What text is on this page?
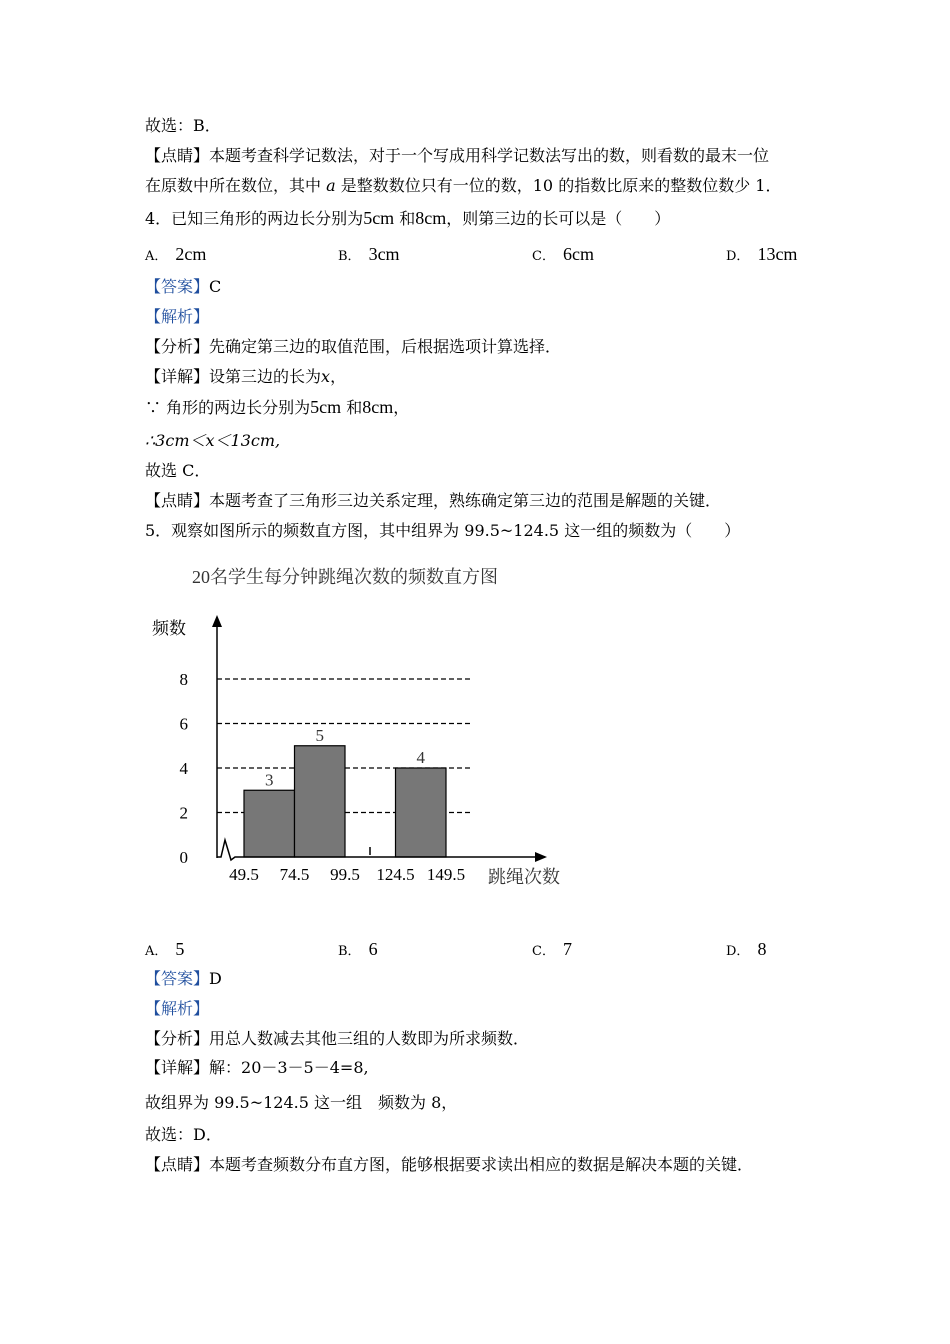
故选：B．
【点睛】本题考查科学记数法，对于一个写成用科学记数法写出的数，则看数的最末一位
在原数中所在数位，其中 a 是整数数位只有一位的数，10 的指数比原来的整数位数少 1．
4．已知三角形的两边长分别为5cm 和8cm，则第三边的长可以是（　　）
A． 2cm	B． 3cm	C． 6cm	D． 13cm
【答案】C
【解析】
【分析】先确定第三边的取值范围，后根据选项计算选择．
【详解】设第三边的长为x，
∵ 角形的两边长分别为5cm 和8cm，
∴3cm＜x＜13cm,
故选 C．
【点睛】本题考查了三角形三边关系定理，熟练确定第三边的范围是解题的关键．
5．观察如图所示的频数直方图，其中组界为 99.5~124.5 这一组的频数为（　　）
20名学生每分钟跳绳次数的频数直方图
频数
3
5
4
0
2
4
6
8
49.5 74.5 99.5 124.5 149.5 跳绳次数
A． 5	B． 6	C． 7	D． 8
【答案】D
【解析】
【分析】用总人数减去其他三组的人数即为所求频数．
【详解】解：20－3－5－4=8,
故组界为 99.5~124.5 这一组　频数为 8，
故选：D．
【点睛】本题考查频数分布直方图，能够根据要求读出相应的数据是解决本题的关键．
